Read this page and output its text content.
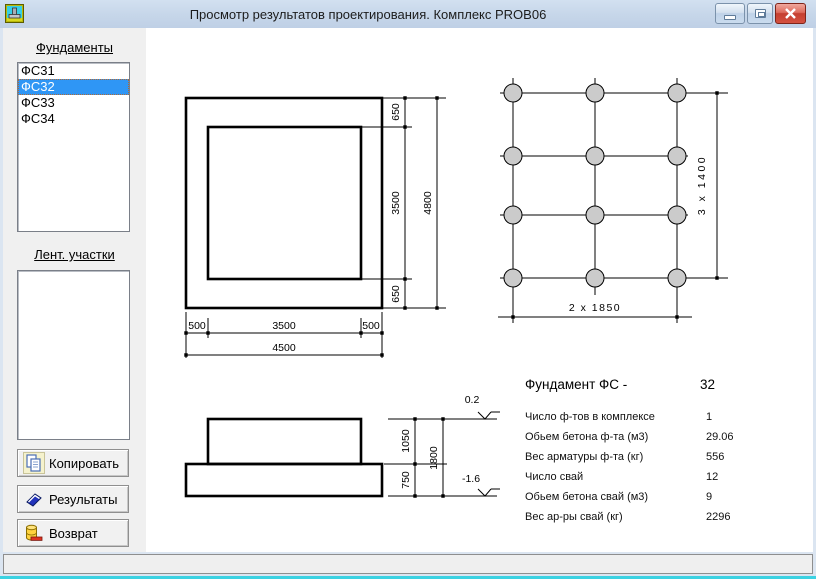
Просмотр результатов проектирования. Комплекс PROB06
Фундаменты
ФС31
ФС32
ФС33
ФС34
Лент. участки
Копировать
Результаты
Возврат
650
3500
650
4800
500	3500	500
4500
3 x 1400
2 x 1850
1050
750
1800
0.2
-1.6
Фундамент ФС -	32
Число ф-тов в комплексе	1
Обьем бетона ф-та (м3)	29.06
Вес арматуры ф-та (кг)	556
Число свай	12
Обьем бетона свай (м3)	9
Вес ар-ры свай (кг)	2296
